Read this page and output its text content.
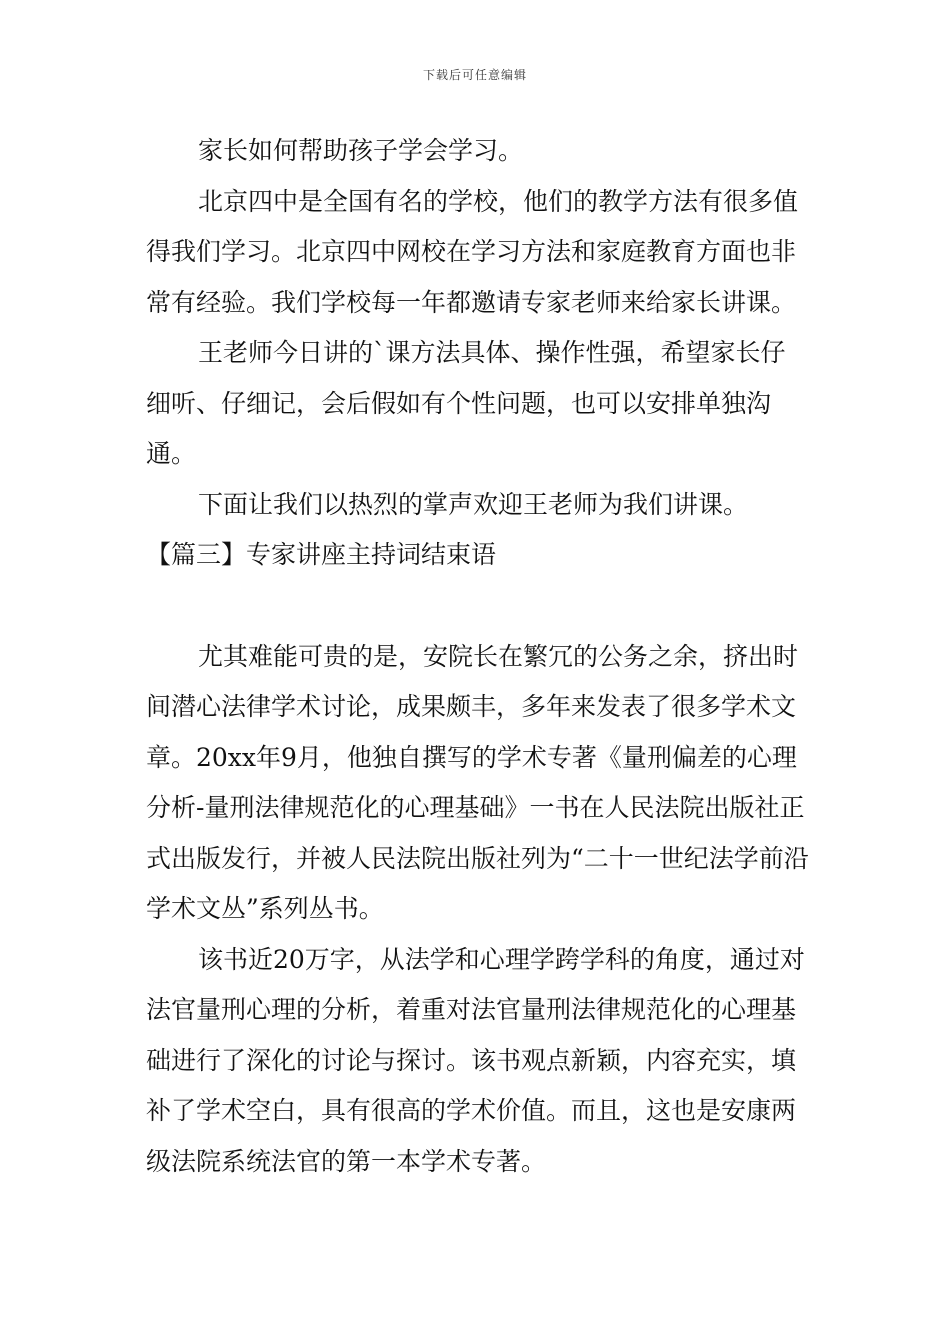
下载后可任意编辑

家长如何帮助孩子学会学习。

北京四中是全国有名的学校，他们的教学方法有很多值得我们学习。北京四中网校在学习方法和家庭教育方面也非常有经验。我们学校每一年都邀请专家老师来给家长讲课。

王老师今日讲的`课方法具体、操作性强，希望家长仔细听、仔细记，会后假如有个性问题，也可以安排单独沟通。

下面让我们以热烈的掌声欢迎王老师为我们讲课。

【篇三】专家讲座主持词结束语

尤其难能可贵的是，安院长在繁冗的公务之余，挤出时间潜心法律学术讨论，成果颇丰，多年来发表了很多学术文章。20xx年9月，他独自撰写的学术专著《量刑偏差的心理分析-量刑法律规范化的心理基础》一书在人民法院出版社正式出版发行，并被人民法院出版社列为“二十一世纪法学前沿学术文丛”系列丛书。

该书近20万字，从法学和心理学跨学科的角度，通过对法官量刑心理的分析，着重对法官量刑法律规范化的心理基础进行了深化的讨论与探讨。该书观点新颖，内容充实，填补了学术空白，具有很高的学术价值。而且，这也是安康两级法院系统法官的第一本学术专著。
